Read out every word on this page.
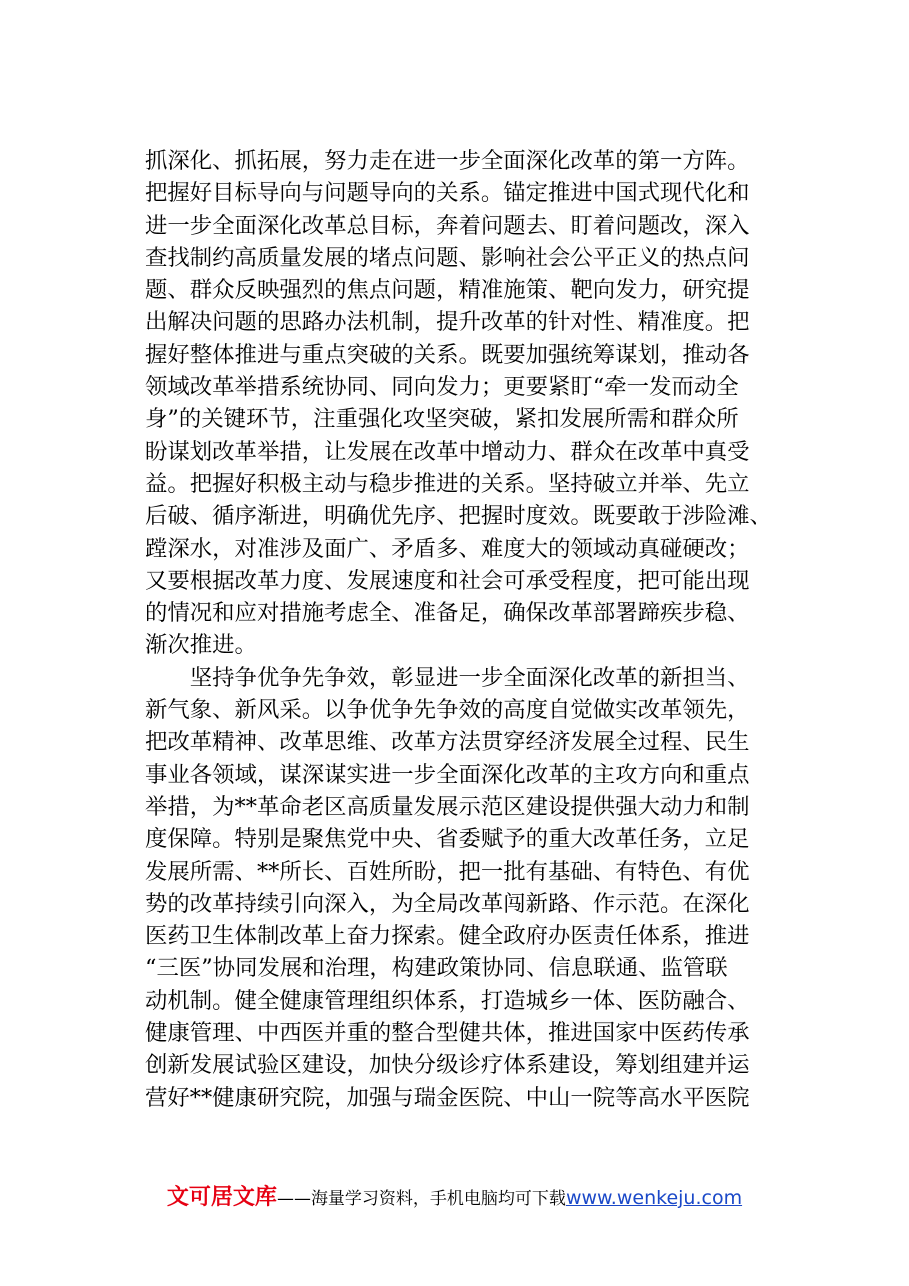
抓深化、抓拓展，努力走在进一步全面深化改革的第一方阵。
把握好目标导向与问题导向的关系。锚定推进中国式现代化和
进一步全面深化改革总目标，奔着问题去、盯着问题改，深入
查找制约高质量发展的堵点问题、影响社会公平正义的热点问
题、群众反映强烈的焦点问题，精准施策、靶向发力，研究提
出解决问题的思路办法机制，提升改革的针对性、精准度。把
握好整体推进与重点突破的关系。既要加强统筹谋划，推动各
领域改革举措系统协同、同向发力；更要紧盯“牵一发而动全
身”的关键环节，注重强化攻坚突破，紧扣发展所需和群众所
盼谋划改革举措，让发展在改革中增动力、群众在改革中真受
益。把握好积极主动与稳步推进的关系。坚持破立并举、先立
后破、循序渐进，明确优先序、把握时度效。既要敢于涉险滩、
蹚深水，对准涉及面广、矛盾多、难度大的领域动真碰硬改；
又要根据改革力度、发展速度和社会可承受程度，把可能出现
的情况和应对措施考虑全、准备足，确保改革部署蹄疾步稳、
渐次推进。
　　坚持争优争先争效，彰显进一步全面深化改革的新担当、
新气象、新风采。以争优争先争效的高度自觉做实改革领先，
把改革精神、改革思维、改革方法贯穿经济发展全过程、民生
事业各领域，谋深谋实进一步全面深化改革的主攻方向和重点
举措，为**革命老区高质量发展示范区建设提供强大动力和制
度保障。特别是聚焦党中央、省委赋予的重大改革任务，立足
发展所需、**所长、百姓所盼，把一批有基础、有特色、有优
势的改革持续引向深入，为全局改革闯新路、作示范。在深化
医药卫生体制改革上奋力探索。健全政府办医责任体系，推进
“三医”协同发展和治理，构建政策协同、信息联通、监管联
动机制。健全健康管理组织体系，打造城乡一体、医防融合、
健康管理、中西医并重的整合型健共体，推进国家中医药传承
创新发展试验区建设，加快分级诊疗体系建设，筹划组建并运
营好**健康研究院，加强与瑞金医院、中山一院等高水平医院
文可居文库——海量学习资料，手机电脑均可下载www.wenkeju.com
